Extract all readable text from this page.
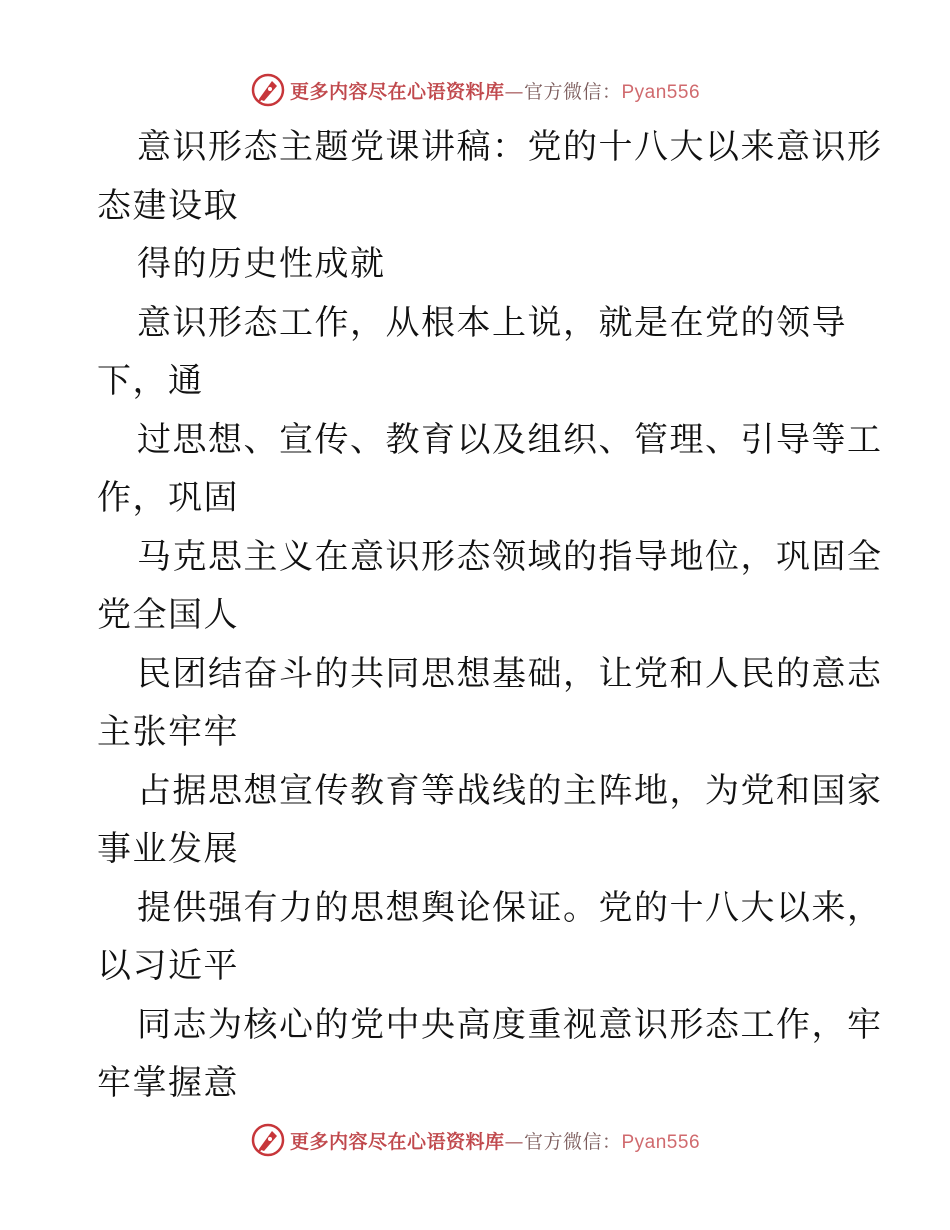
更多内容尽在心语资料库—官方微信：Pyan556
意识形态主题党课讲稿：党的十八大以来意识形
态建设取
得的历史性成就
意识形态工作，从根本上说，就是在党的领导
下，通
过思想、宣传、教育以及组织、管理、引导等工
作，巩固
马克思主义在意识形态领域的指导地位，巩固全
党全国人
民团结奋斗的共同思想基础，让党和人民的意志
主张牢牢
占据思想宣传教育等战线的主阵地，为党和国家
事业发展
提供强有力的思想舆论保证。党的十八大以来，
以习近平
同志为核心的党中央高度重视意识形态工作，牢
牢掌握意
更多内容尽在心语资料库—官方微信：Pyan556
